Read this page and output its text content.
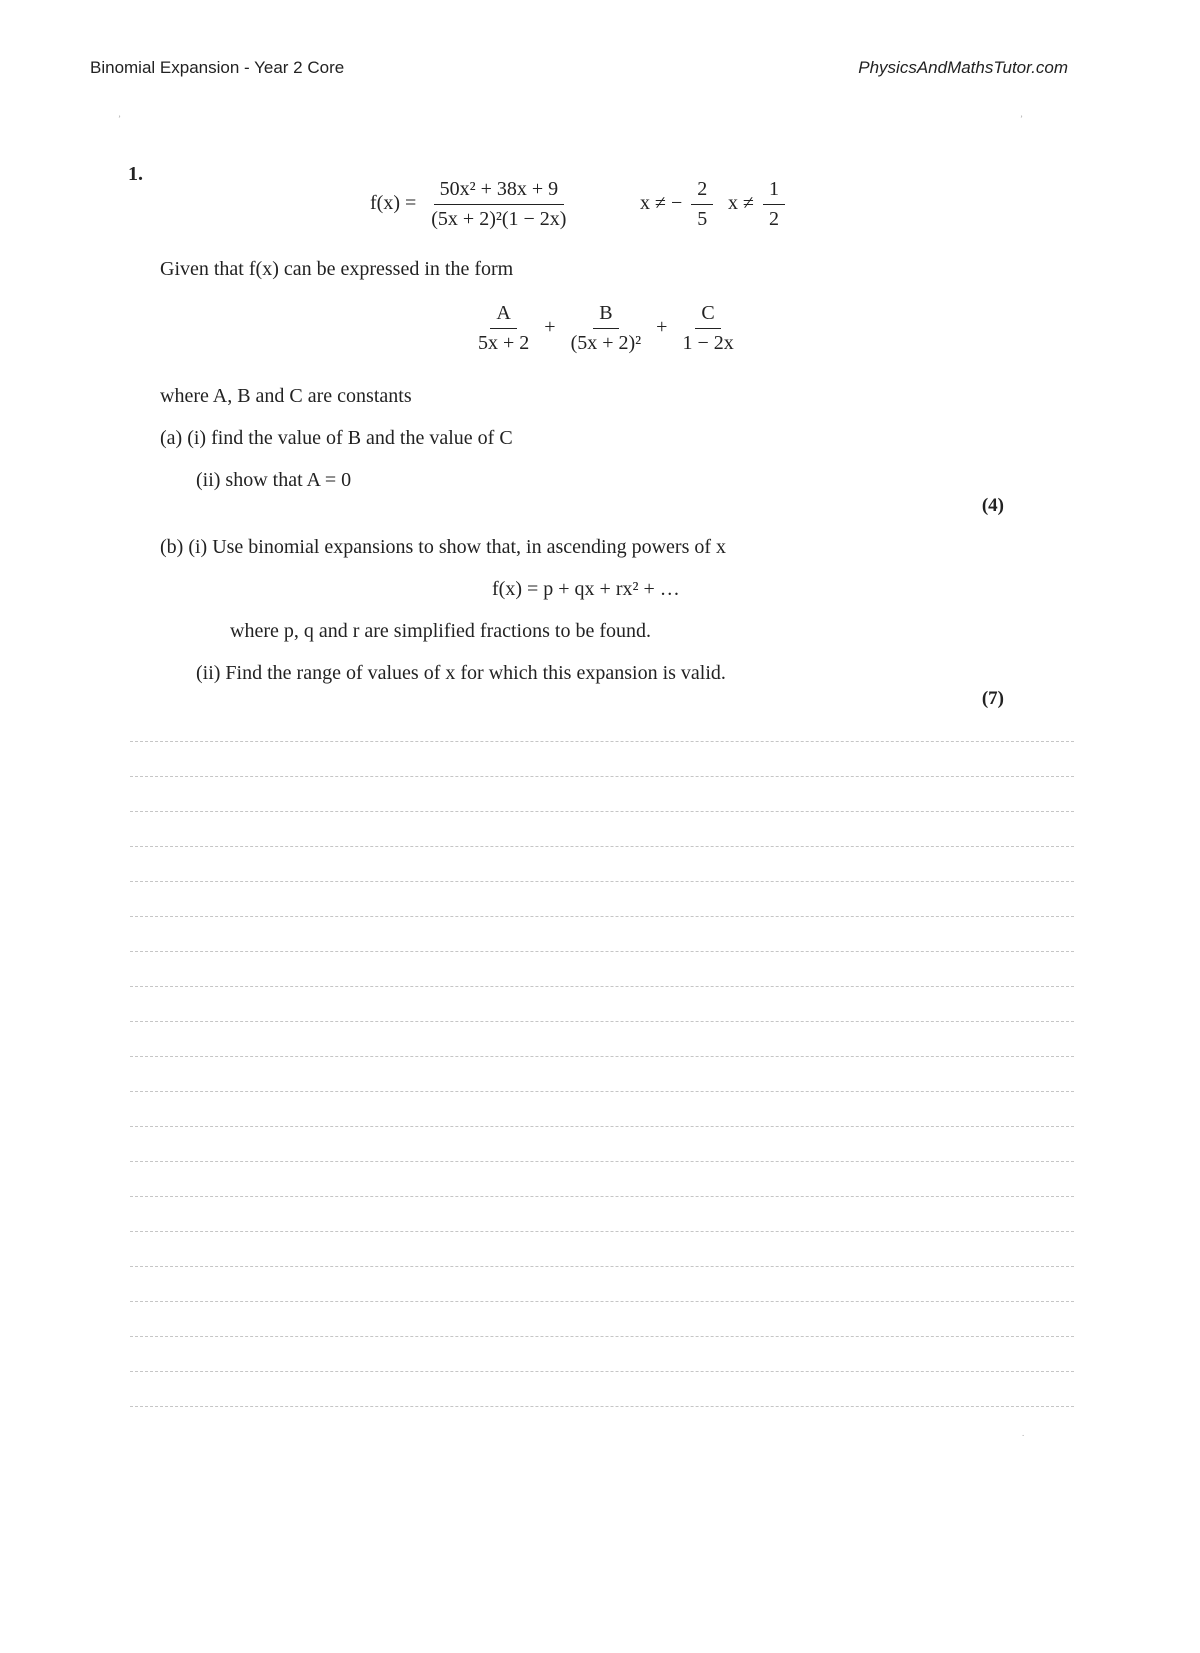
Binomial Expansion - Year 2 Core	PhysicsAndMathsTutor.com
ʼ	ʼ
1.
$f(x) = \frac{\text{50x² + 38x + 9}}{\text{(5x + 2)²(1 − 2x)}}$	x ≠ − $\frac{2}{5}$ $x \ne \frac{1}{2}$
Given that f(x) can be expressed in the form
$\frac{A}{5x + 2} + \frac{B}{\text{(5x + 2)²}} + \frac{C}{1 - 2x}$
where A, B and C are constants
(a) (i) find the value of B and the value of C
(ii) show that A = 0
(4)
(b) (i) Use binomial expansions to show that, in ascending powers of x
f(x) = p + qx + rx² + …
where p, q and r are simplified fractions to be found.
(ii) Find the range of values of x for which this expansion is valid.
(7)
.
